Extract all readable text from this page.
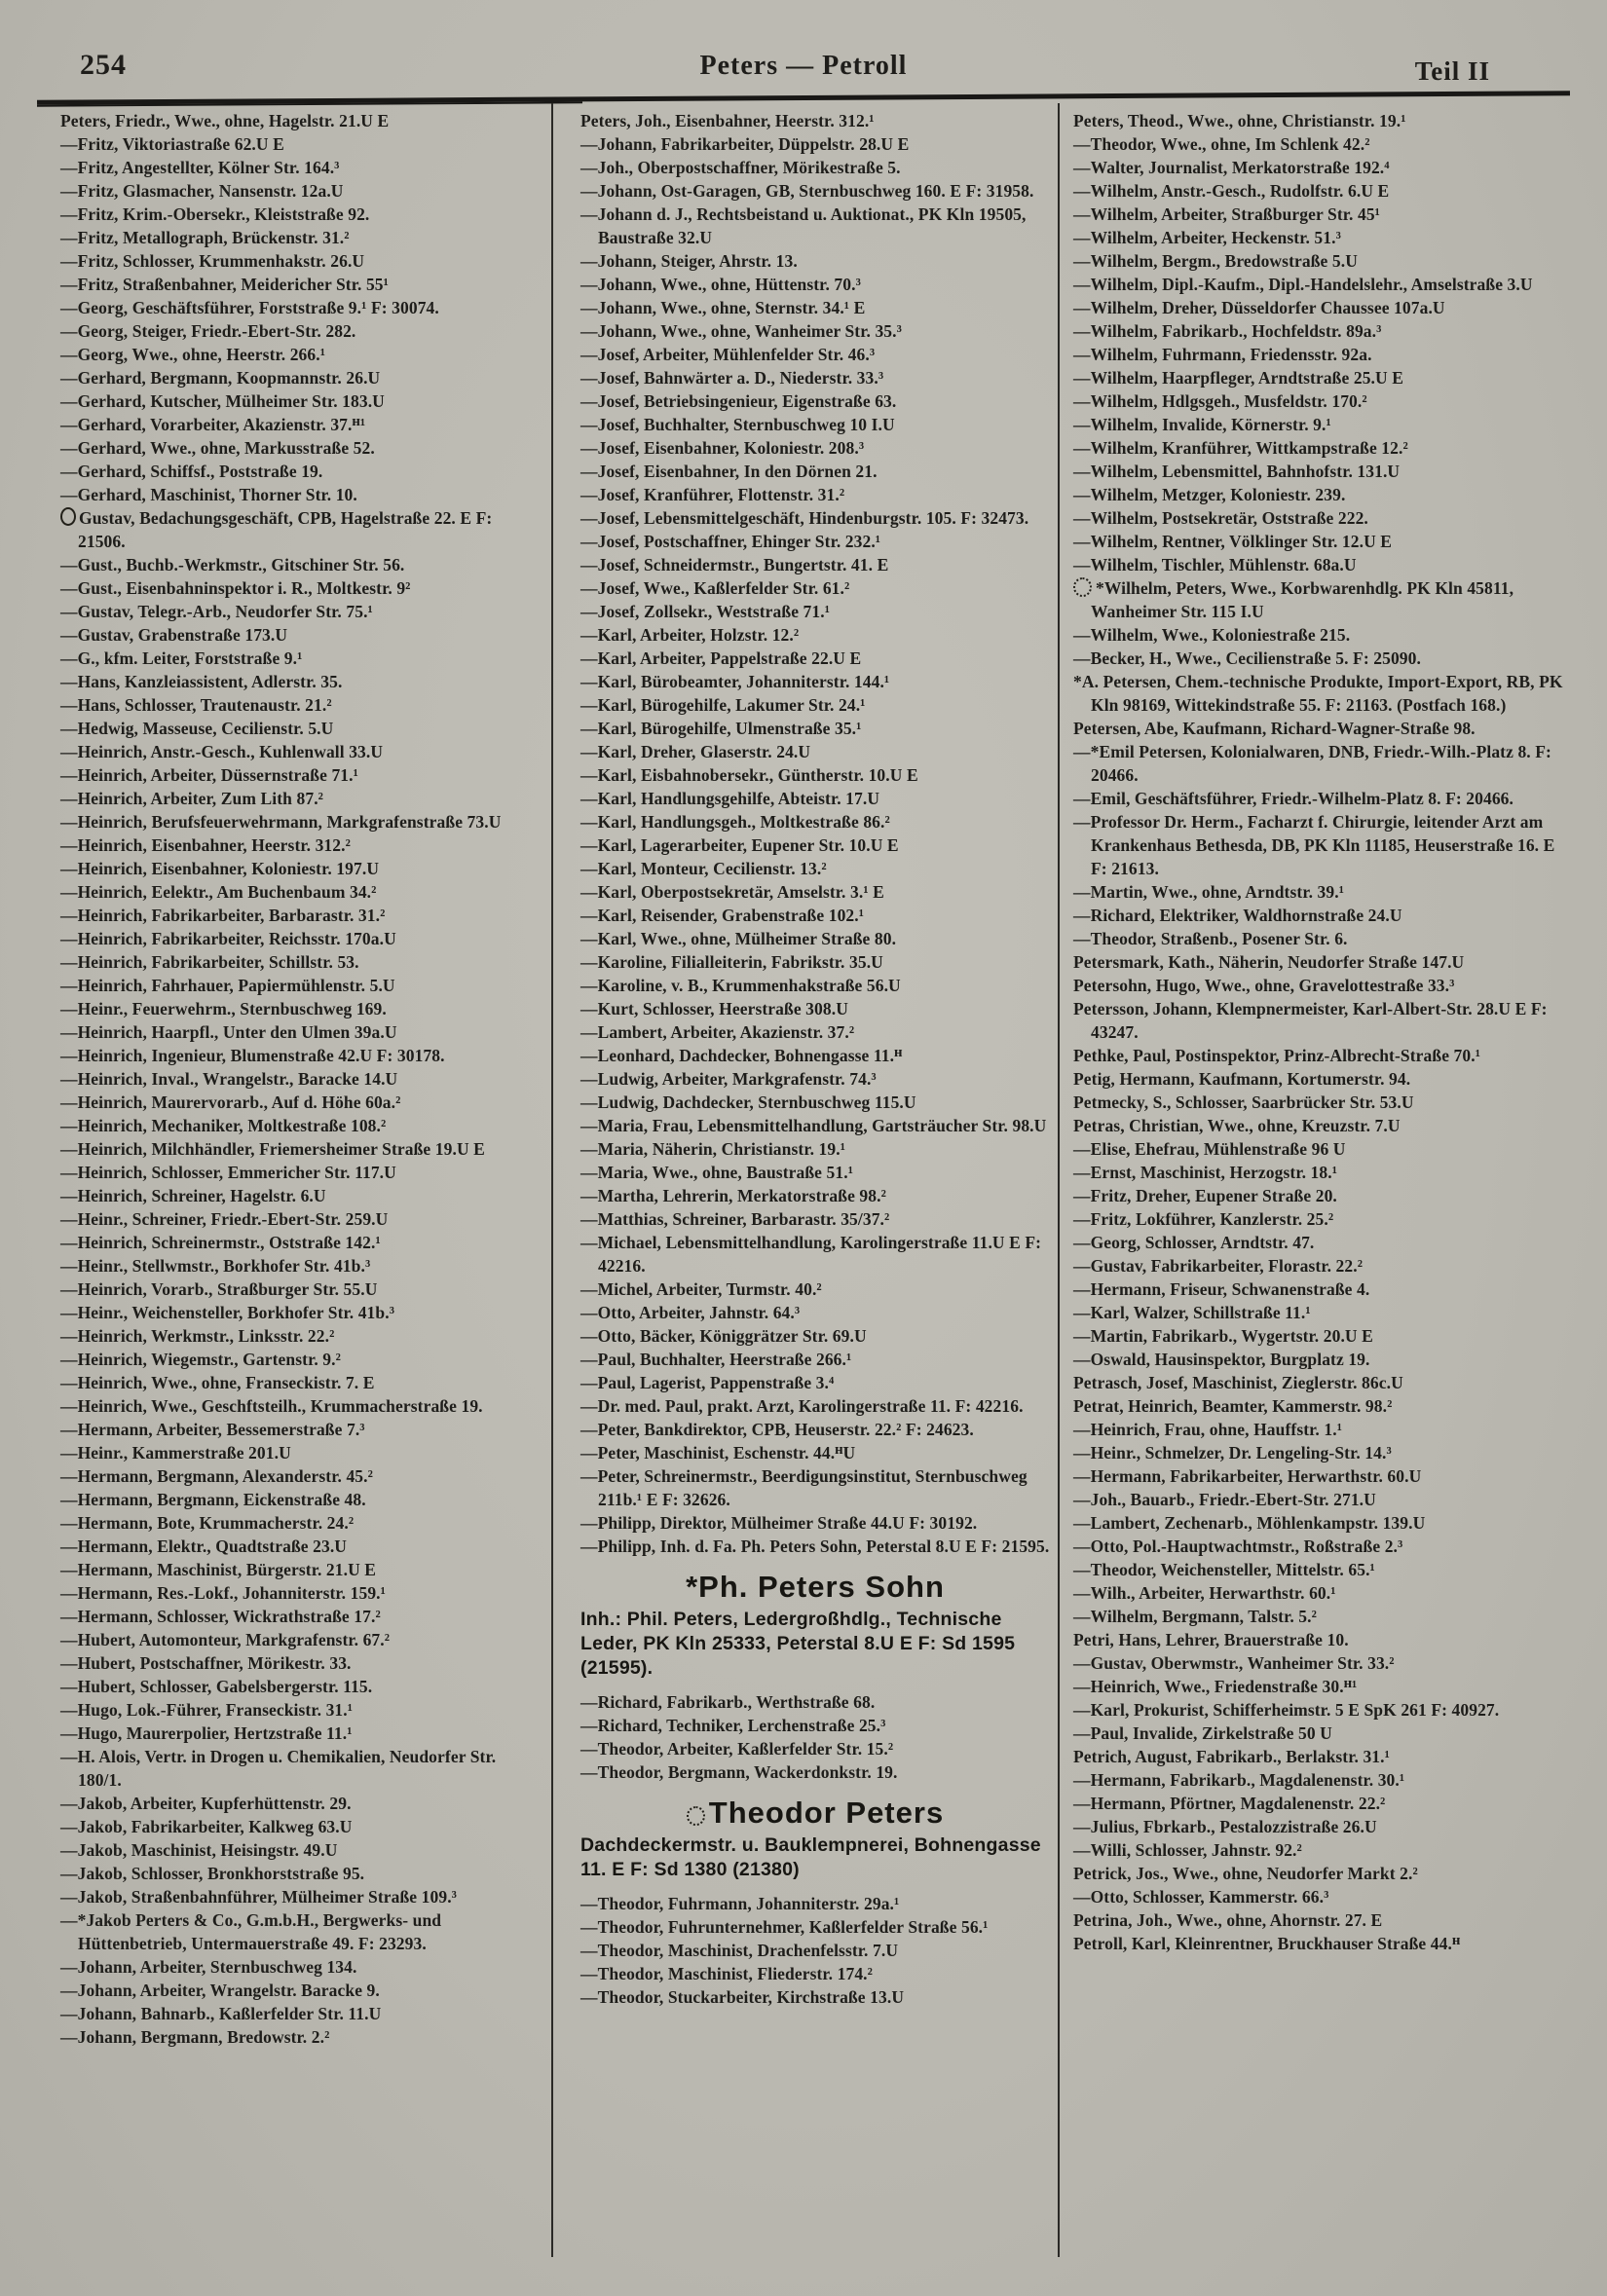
254	Peters — Petroll	Teil II
Peters, Friedr., Wwe., ohne, Hagelstr. 21.U E
—Fritz, Viktoriastraße 62.U E
—Fritz, Angestellter, Kölner Str. 164.³
—Fritz, Glasmacher, Nansenstr. 12a.U
—Fritz, Krim.-Obersekr., Kleiststraße 92.
—Fritz, Metallograph, Brückenstr. 31.²
—Fritz, Schlosser, Krummenhakstr. 26.U
—Fritz, Straßenbahner, Meidericher Str. 55¹
—Georg, Geschäftsführer, Forststraße 9.¹ F: 30074.
—Georg, Steiger, Friedr.-Ebert-Str. 282.
—Georg, Wwe., ohne, Heerstr. 266.¹
—Gerhard, Bergmann, Koopmannstr. 26.U
—Gerhard, Kutscher, Mülheimer Str. 183.U
—Gerhard, Vorarbeiter, Akazienstr. 37.ᴴ¹
—Gerhard, Wwe., ohne, Markusstraße 52.
—Gerhard, Schiffsf., Poststraße 19.
—Gerhard, Maschinist, Thorner Str. 10.
Gustav, Bedachungsgeschäft, CPB, Hagelstraße 22. E F: 21506.
—Gust., Buchb.-Werkmstr., Gitschiner Str. 56.
—Gust., Eisenbahninspektor i. R., Moltkestr. 9²
—Gustav, Telegr.-Arb., Neudorfer Str. 75.¹
—Gustav, Grabenstraße 173.U
—G., kfm. Leiter, Forststraße 9.¹
—Hans, Kanzleiassistent, Adlerstr. 35.
—Hans, Schlosser, Trautenaustr. 21.²
—Hedwig, Masseuse, Cecilienstr. 5.U
—Heinrich, Anstr.-Gesch., Kuhlenwall 33.U
—Heinrich, Arbeiter, Düssernstraße 71.¹
—Heinrich, Arbeiter, Zum Lith 87.²
—Heinrich, Berufsfeuerwehrmann, Markgrafenstraße 73.U
—Heinrich, Eisenbahner, Heerstr. 312.²
—Heinrich, Eisenbahner, Koloniestr. 197.U
—Heinrich, Eelektr., Am Buchenbaum 34.²
—Heinrich, Fabrikarbeiter, Barbarastr. 31.²
—Heinrich, Fabrikarbeiter, Reichsstr. 170a.U
—Heinrich, Fabrikarbeiter, Schillstr. 53.
—Heinrich, Fahrhauer, Papiermühlenstr. 5.U
—Heinr., Feuerwehrm., Sternbuschweg 169.
—Heinrich, Haarpfl., Unter den Ulmen 39a.U
—Heinrich, Ingenieur, Blumenstraße 42.U F: 30178.
—Heinrich, Inval., Wrangelstr., Baracke 14.U
—Heinrich, Maurervorarb., Auf d. Höhe 60a.²
—Heinrich, Mechaniker, Moltkestraße 108.²
—Heinrich, Milchhändler, Friemersheimer Straße 19.U E
—Heinrich, Schlosser, Emmericher Str. 117.U
—Heinrich, Schreiner, Hagelstr. 6.U
—Heinr., Schreiner, Friedr.-Ebert-Str. 259.U
—Heinrich, Schreinermstr., Oststraße 142.¹
—Heinr., Stellwmstr., Borkhofer Str. 41b.³
—Heinrich, Vorarb., Straßburger Str. 55.U
—Heinr., Weichensteller, Borkhofer Str. 41b.³
—Heinrich, Werkmstr., Linksstr. 22.²
—Heinrich, Wiegemstr., Gartenstr. 9.²
—Heinrich, Wwe., ohne, Franseckistr. 7. E
—Heinrich, Wwe., Geschftsteilh., Krummacherstraße 19.
—Hermann, Arbeiter, Bessemerstraße 7.³
—Heinr., Kammerstraße 201.U
—Hermann, Bergmann, Alexanderstr. 45.²
—Hermann, Bergmann, Eickenstraße 48.
—Hermann, Bote, Krummacherstr. 24.²
—Hermann, Elektr., Quadtstraße 23.U
—Hermann, Maschinist, Bürgerstr. 21.U E
—Hermann, Res.-Lokf., Johanniterstr. 159.¹
—Hermann, Schlosser, Wickrathstraße 17.²
—Hubert, Automonteur, Markgrafenstr. 67.²
—Hubert, Postschaffner, Mörikestr. 33.
—Hubert, Schlosser, Gabelsbergerstr. 115.
—Hugo, Lok.-Führer, Franseckistr. 31.¹
—Hugo, Maurerpolier, Hertzstraße 11.¹
—H. Alois, Vertr. in Drogen u. Chemikalien, Neudorfer Str. 180/1.
—Jakob, Arbeiter, Kupferhüttenstr. 29.
—Jakob, Fabrikarbeiter, Kalkweg 63.U
—Jakob, Maschinist, Heisingstr. 49.U
—Jakob, Schlosser, Bronkhorststraße 95.
—Jakob, Straßenbahnführer, Mülheimer Straße 109.³
—*Jakob Perters & Co., G.m.b.H., Bergwerks- und Hüttenbetrieb, Untermauerstraße 49. F: 23293.
—Johann, Arbeiter, Sternbuschweg 134.
—Johann, Arbeiter, Wrangelstr. Baracke 9.
—Johann, Bahnarb., Kaßlerfelder Str. 11.U
—Johann, Bergmann, Bredowstr. 2.²
Peters, Joh., Eisenbahner, Heerstr. 312.¹
—Johann, Fabrikarbeiter, Düppelstr. 28.U E
—Joh., Oberpostschaffner, Mörikestraße 5.
—Johann, Ost-Garagen, GB, Sternbuschweg 160. E F: 31958.
—Johann d. J., Rechtsbeistand u. Auktionat., PK Kln 19505, Baustraße 32.U
—Johann, Steiger, Ahrstr. 13.
—Johann, Wwe., ohne, Hüttenstr. 70.³
—Johann, Wwe., ohne, Sternstr. 34.¹ E
—Johann, Wwe., ohne, Wanheimer Str. 35.³
—Josef, Arbeiter, Mühlenfelder Str. 46.³
—Josef, Bahnwärter a. D., Niederstr. 33.³
—Josef, Betriebsingenieur, Eigenstraße 63.
—Josef, Buchhalter, Sternbuschweg 10 I.U
—Josef, Eisenbahner, Koloniestr. 208.³
—Josef, Eisenbahner, In den Dörnen 21.
—Josef, Kranführer, Flottenstr. 31.²
—Josef, Lebensmittelgeschäft, Hindenburgstr. 105. F: 32473.
—Josef, Postschaffner, Ehinger Str. 232.¹
—Josef, Schneidermstr., Bungertstr. 41. E
—Josef, Wwe., Kaßlerfelder Str. 61.²
—Josef, Zollsekr., Weststraße 71.¹
—Karl, Arbeiter, Holzstr. 12.²
—Karl, Arbeiter, Pappelstraße 22.U E
—Karl, Bürobeamter, Johanniterstr. 144.¹
—Karl, Bürogehilfe, Lakumer Str. 24.¹
—Karl, Bürogehilfe, Ulmenstraße 35.¹
—Karl, Dreher, Glaserstr. 24.U
—Karl, Eisbahnobersekr., Güntherstr. 10.U E
—Karl, Handlungsgehilfe, Abteistr. 17.U
—Karl, Handlungsgeh., Moltkestraße 86.²
—Karl, Lagerarbeiter, Eupener Str. 10.U E
—Karl, Monteur, Cecilienstr. 13.²
—Karl, Oberpostsekretär, Amselstr. 3.¹ E
—Karl, Reisender, Grabenstraße 102.¹
—Karl, Wwe., ohne, Mülheimer Straße 80.
—Karoline, Filialleiterin, Fabrikstr. 35.U
—Karoline, v. B., Krummenhakstraße 56.U
—Kurt, Schlosser, Heerstraße 308.U
—Lambert, Arbeiter, Akazienstr. 37.²
—Leonhard, Dachdecker, Bohnengasse 11.ᴴ
—Ludwig, Arbeiter, Markgrafenstr. 74.³
—Ludwig, Dachdecker, Sternbuschweg 115.U
—Maria, Frau, Lebensmittelhandlung, Gartsträucher Str. 98.U
—Maria, Näherin, Christianstr. 19.¹
—Maria, Wwe., ohne, Baustraße 51.¹
—Martha, Lehrerin, Merkatorstraße 98.²
—Matthias, Schreiner, Barbarastr. 35/37.²
—Michael, Lebensmittelhandlung, Karolingerstraße 11.U E F: 42216.
—Michel, Arbeiter, Turmstr. 40.²
—Otto, Arbeiter, Jahnstr. 64.³
—Otto, Bäcker, Königgrätzer Str. 69.U
—Paul, Buchhalter, Heerstraße 266.¹
—Paul, Lagerist, Pappenstraße 3.⁴
—Dr. med. Paul, prakt. Arzt, Karolingerstraße 11. F: 42216.
—Peter, Bankdirektor, CPB, Heuserstr. 22.² F: 24623.
—Peter, Maschinist, Eschenstr. 44.ᴴU
—Peter, Schreinermstr., Beerdigungsinstitut, Sternbuschweg 211b.¹ E F: 32626.
—Philipp, Direktor, Mülheimer Straße 44.U F: 30192.
—Philipp, Inh. d. Fa. Ph. Peters Sohn, Peterstal 8.U E F: 21595.
*Ph. Peters Sohn
Inh.: Phil. Peters, Ledergroßhdlg., Technische Leder, PK Kln 25333, Peterstal 8.U E F: Sd 1595 (21595).
—Richard, Fabrikarb., Werthstraße 68.
—Richard, Techniker, Lerchenstraße 25.³
—Theodor, Arbeiter, Kaßlerfelder Str. 15.²
—Theodor, Bergmann, Wackerdonkstr. 19.
Theodor Peters
Dachdeckermstr. u. Bauklempnerei, Bohnengasse 11. E F: Sd 1380 (21380)
—Theodor, Fuhrmann, Johanniterstr. 29a.¹
—Theodor, Fuhrunternehmer, Kaßlerfelder Straße 56.¹
—Theodor, Maschinist, Drachenfelsstr. 7.U
—Theodor, Maschinist, Fliederstr. 174.²
—Theodor, Stuckarbeiter, Kirchstraße 13.U
Peters, Theod., Wwe., ohne, Christianstr. 19.¹
—Theodor, Wwe., ohne, Im Schlenk 42.²
—Walter, Journalist, Merkatorstraße 192.⁴
—Wilhelm, Anstr.-Gesch., Rudolfstr. 6.U E
—Wilhelm, Arbeiter, Straßburger Str. 45¹
—Wilhelm, Arbeiter, Heckenstr. 51.³
—Wilhelm, Bergm., Bredowstraße 5.U
—Wilhelm, Dipl.-Kaufm., Dipl.-Handelslehr., Amselstraße 3.U
—Wilhelm, Dreher, Düsseldorfer Chaussee 107a.U
—Wilhelm, Fabrikarb., Hochfeldstr. 89a.³
—Wilhelm, Fuhrmann, Friedensstr. 92a.
—Wilhelm, Haarpfleger, Arndtstraße 25.U E
—Wilhelm, Hdlgsgeh., Musfeldstr. 170.²
—Wilhelm, Invalide, Körnerstr. 9.¹
—Wilhelm, Kranführer, Wittkampstraße 12.²
—Wilhelm, Lebensmittel, Bahnhofstr. 131.U
—Wilhelm, Metzger, Koloniestr. 239.
—Wilhelm, Postsekretär, Oststraße 222.
—Wilhelm, Rentner, Völklinger Str. 12.U E
—Wilhelm, Tischler, Mühlenstr. 68a.U
*Wilhelm, Peters, Wwe., Korbwarenhdlg. PK Kln 45811, Wanheimer Str. 115 I.U
—Wilhelm, Wwe., Koloniestraße 215.
—Becker, H., Wwe., Cecilienstraße 5. F: 25090.
*A. Petersen, Chem.-technische Produkte, Import-Export, RB, PK Kln 98169, Wittekindstraße 55. F: 21163. (Postfach 168.)
Petersen, Abe, Kaufmann, Richard-Wagner-Straße 98.
—*Emil Petersen, Kolonialwaren, DNB, Friedr.-Wilh.-Platz 8. F: 20466.
—Emil, Geschäftsführer, Friedr.-Wilhelm-Platz 8. F: 20466.
—Professor Dr. Herm., Facharzt f. Chirurgie, leitender Arzt am Krankenhaus Bethesda, DB, PK Kln 11185, Heuserstraße 16. E F: 21613.
—Martin, Wwe., ohne, Arndtstr. 39.¹
—Richard, Elektriker, Waldhornstraße 24.U
—Theodor, Straßenb., Posener Str. 6.
Petersmark, Kath., Näherin, Neudorfer Straße 147.U
Petersohn, Hugo, Wwe., ohne, Gravelottestraße 33.³
Petersson, Johann, Klempnermeister, Karl-Albert-Str. 28.U E F: 43247.
Pethke, Paul, Postinspektor, Prinz-Albrecht-Straße 70.¹
Petig, Hermann, Kaufmann, Kortumerstr. 94.
Petmecky, S., Schlosser, Saarbrücker Str. 53.U
Petras, Christian, Wwe., ohne, Kreuzstr. 7.U
—Elise, Ehefrau, Mühlenstraße 96 U
—Ernst, Maschinist, Herzogstr. 18.¹
—Fritz, Dreher, Eupener Straße 20.
—Fritz, Lokführer, Kanzlerstr. 25.²
—Georg, Schlosser, Arndtstr. 47.
—Gustav, Fabrikarbeiter, Florastr. 22.²
—Hermann, Friseur, Schwanenstraße 4.
—Karl, Walzer, Schillstraße 11.¹
—Martin, Fabrikarb., Wygertstr. 20.U E
—Oswald, Hausinspektor, Burgplatz 19.
Petrasch, Josef, Maschinist, Zieglerstr. 86c.U
Petrat, Heinrich, Beamter, Kammerstr. 98.²
—Heinrich, Frau, ohne, Hauffstr. 1.¹
—Heinr., Schmelzer, Dr. Lengeling-Str. 14.³
—Hermann, Fabrikarbeiter, Herwarthstr. 60.U
—Joh., Bauarb., Friedr.-Ebert-Str. 271.U
—Lambert, Zechenarb., Möhlenkampstr. 139.U
—Otto, Pol.-Hauptwachtmstr., Roßstraße 2.³
—Theodor, Weichensteller, Mittelstr. 65.¹
—Wilh., Arbeiter, Herwarthstr. 60.¹
—Wilhelm, Bergmann, Talstr. 5.²
Petri, Hans, Lehrer, Brauerstraße 10.
—Gustav, Oberwmstr., Wanheimer Str. 33.²
—Heinrich, Wwe., Friedenstraße 30.ᴴ¹
—Karl, Prokurist, Schifferheimstr. 5 E SpK 261 F: 40927.
—Paul, Invalide, Zirkelstraße 50 U
Petrich, August, Fabrikarb., Berlakstr. 31.¹
—Hermann, Fabrikarb., Magdalenenstr. 30.¹
—Hermann, Pförtner, Magdalenenstr. 22.²
—Julius, Fbrkarb., Pestalozzistraße 26.U
—Willi, Schlosser, Jahnstr. 92.²
Petrick, Jos., Wwe., ohne, Neudorfer Markt 2.²
—Otto, Schlosser, Kammerstr. 66.³
Petrina, Joh., Wwe., ohne, Ahornstr. 27. E
Petroll, Karl, Kleinrentner, Bruckhauser Straße 44.ᴴ
